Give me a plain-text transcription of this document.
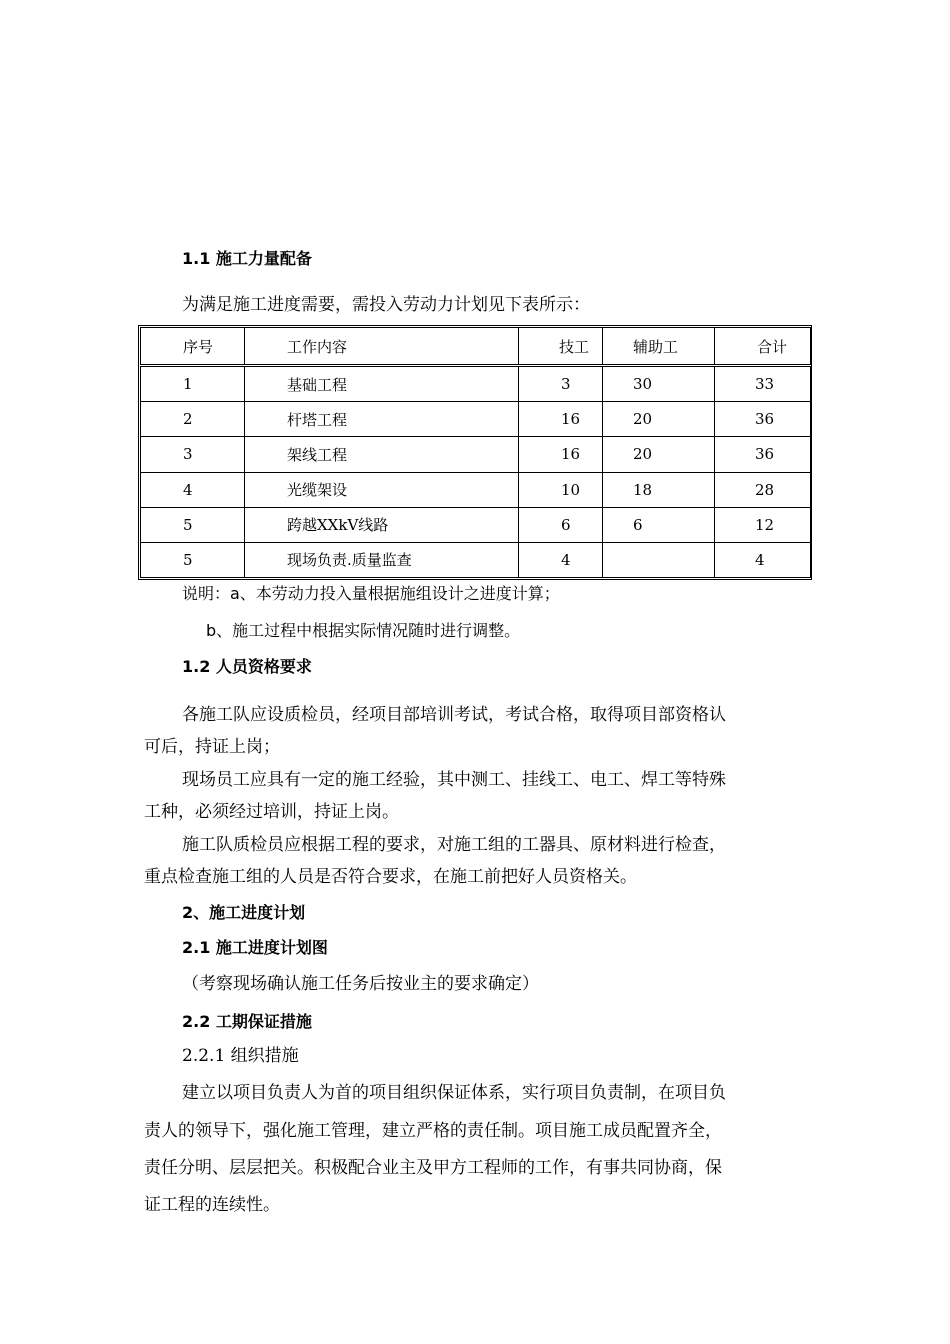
1.1 施工力量配备
为满足施工进度需要，需投入劳动力计划见下表所示：
序号	工作内容	技工	辅助工	合计
1	基础工程	3	30	33
2	杆塔工程	16	20	36
3	架线工程	16	20	36
4	光缆架设	10	18	28
5	跨越XXkV线路	6	6	12
5	现场负责.质量监查	4		4
说明：a、本劳动力投入量根据施组设计之进度计算；
b、施工过程中根据实际情况随时进行调整。
1.2 人员资格要求
各施工队应设质检员，经项目部培训考试，考试合格，取得项目部资格认
可后，持证上岗；
现场员工应具有一定的施工经验，其中测工、挂线工、电工、焊工等特殊
工种，必须经过培训，持证上岗。
施工队质检员应根据工程的要求，对施工组的工器具、原材料进行检查，
重点检查施工组的人员是否符合要求，在施工前把好人员资格关。
2、施工进度计划
2.1 施工进度计划图
（考察现场确认施工任务后按业主的要求确定）
2.2 工期保证措施
2.2.1 组织措施
建立以项目负责人为首的项目组织保证体系，实行项目负责制，在项目负
责人的领导下，强化施工管理，建立严格的责任制。项目施工成员配置齐全，
责任分明、层层把关。积极配合业主及甲方工程师的工作，有事共同协商，保
证工程的连续性。
